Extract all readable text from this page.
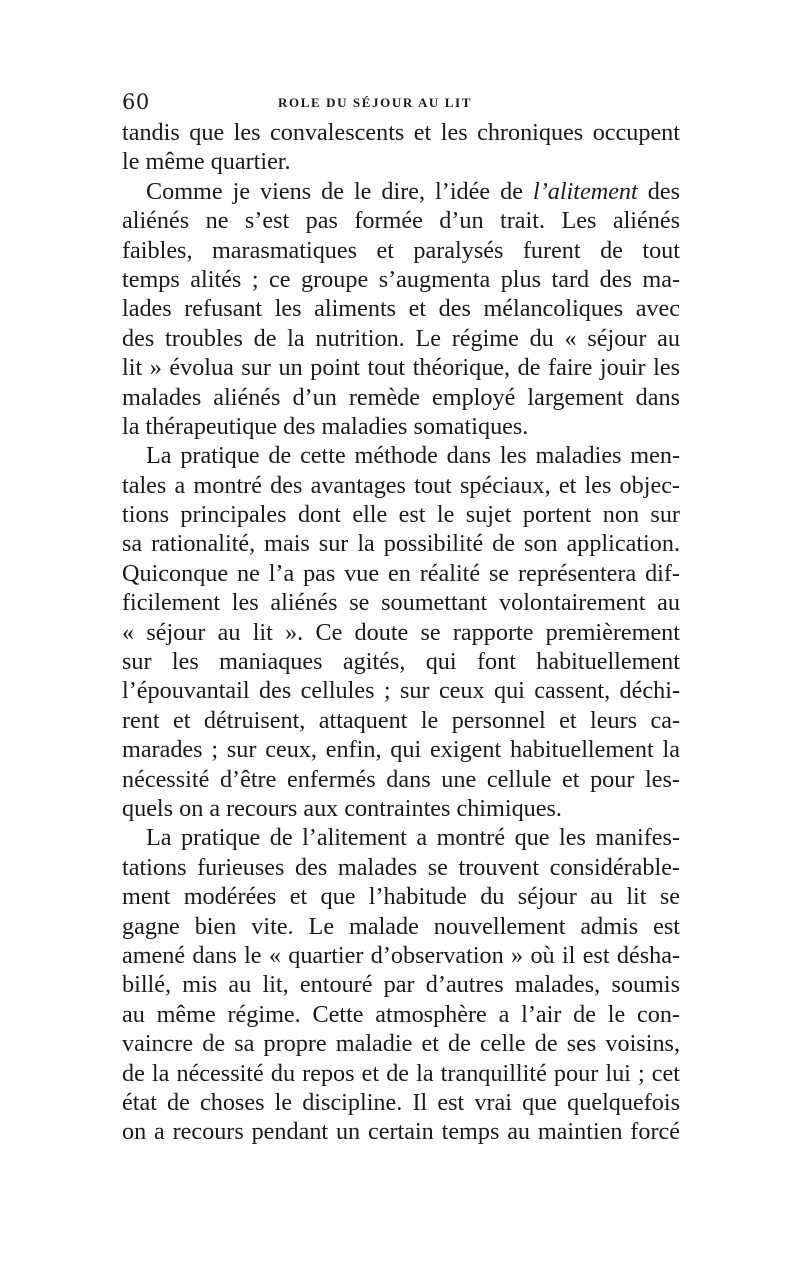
60	ROLE DU SÉJOUR AU LIT
tandis que les convalescents et les chroniques occupent
le même quartier.
Comme je viens de le dire, l’idée de l’alitement des
aliénés ne s’est pas formée d’un trait. Les aliénés
faibles, marasmatiques et paralysés furent de tout
temps alités ; ce groupe s’augmenta plus tard des ma-
lades refusant les aliments et des mélancoliques avec
des troubles de la nutrition. Le régime du « séjour au
lit » évolua sur un point tout théorique, de faire jouir les
malades aliénés d’un remède employé largement dans
la thérapeutique des maladies somatiques.
La pratique de cette méthode dans les maladies men-
tales a montré des avantages tout spéciaux, et les objec-
tions principales dont elle est le sujet portent non sur
sa rationalité, mais sur la possibilité de son application.
Quiconque ne l’a pas vue en réalité se représentera dif-
ficilement les aliénés se soumettant volontairement au
« séjour au lit ». Ce doute se rapporte premièrement
sur les maniaques agités, qui font habituellement
l’épouvantail des cellules ; sur ceux qui cassent, déchi-
rent et détruisent, attaquent le personnel et leurs ca-
marades ; sur ceux, enfin, qui exigent habituellement la
nécessité d’être enfermés dans une cellule et pour les-
quels on a recours aux contraintes chimiques.
La pratique de l’alitement a montré que les manifes-
tations furieuses des malades se trouvent considérable-
ment modérées et que l’habitude du séjour au lit se
gagne bien vite. Le malade nouvellement admis est
amené dans le « quartier d’observation » où il est désha-
billé, mis au lit, entouré par d’autres malades, soumis
au même régime. Cette atmosphère a l’air de le con-
vaincre de sa propre maladie et de celle de ses voisins,
de la nécessité du repos et de la tranquillité pour lui ; cet
état de choses le discipline. Il est vrai que quelquefois
on a recours pendant un certain temps au maintien forcé
